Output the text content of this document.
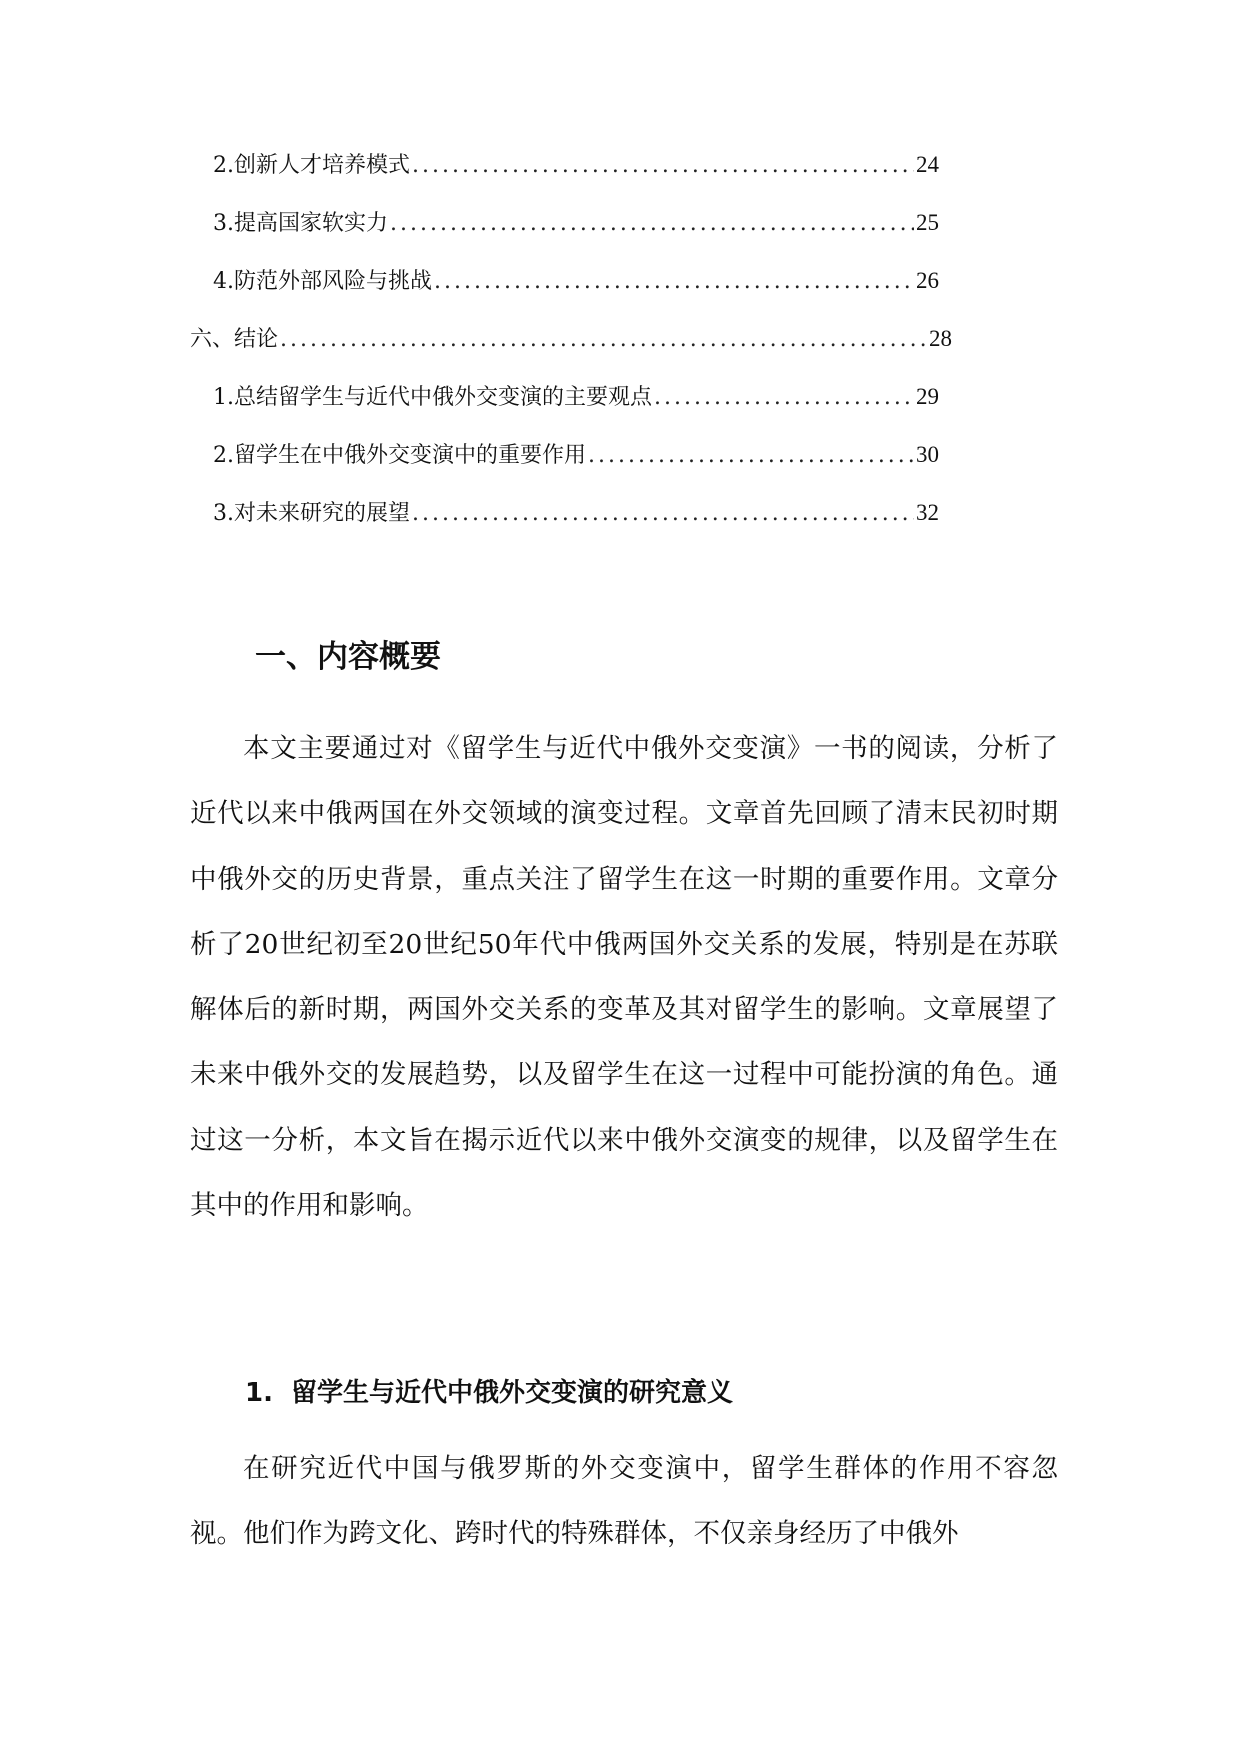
2. 创新人才培养模式 .....	24
3. 提高国家软实力 .....	25
4. 防范外部风险与挑战 .....	26
六、结论 .....	28
1. 总结留学生与近代中俄外交变演的主要观点 .....	29
2. 留学生在中俄外交变演中的重要作用 .....	30
3. 对未来研究的展望 .....	32
一、内容概要

本文主要通过对《留学生与近代中俄外交变演》一书的阅读，分析了近代以来中俄两国在外交领域的演变过程。文章首先回顾了清末民初时期中俄外交的历史背景，重点关注了留学生在这一时期的重要作用。文章分析了20世纪初至20世纪50年代中俄两国外交关系的发展，特别是在苏联解体后的新时期，两国外交关系的变革及其对留学生的影响。文章展望了未来中俄外交的发展趋势，以及留学生在这一过程中可能扮演的角色。通过这一分析，本文旨在揭示近代以来中俄外交演变的规律，以及留学生在其中的作用和影响。

1. 留学生与近代中俄外交变演的研究意义

在研究近代中国与俄罗斯的外交变演中，留学生群体的作用不容忽视。他们作为跨文化、跨时代的特殊群体，不仅亲身经历了中俄外
